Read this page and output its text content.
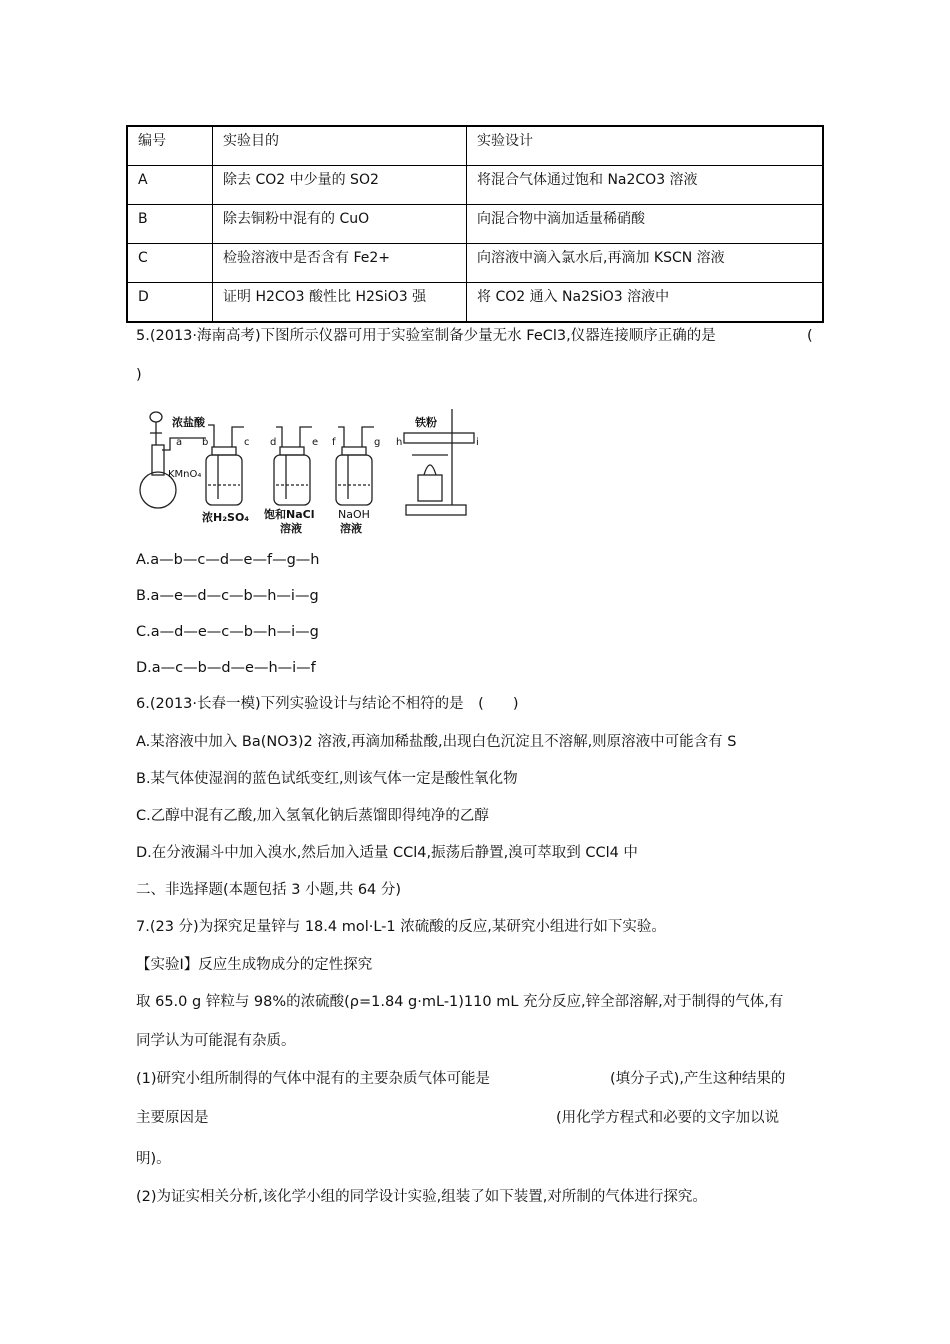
编号	实验目的	实验设计
A	除去 CO2 中少量的 SO2	将混合气体通过饱和 Na2CO3 溶液
B	除去铜粉中混有的 CuO	向混合物中滴加适量稀硝酸
C	检验溶液中是否含有 Fe2+	向溶液中滴入氯水后,再滴加 KSCN 溶液
D	证明 H2CO3 酸性比 H2SiO3 强	将 CO2 通入 Na2SiO3 溶液中
5.(2013·海南高考)下图所示仪器可用于实验室制备少量无水 FeCl3,仪器连接顺序正确的是	(
)
浓盐酸
KMnO₄
铁粉
浓H₂SO₄ 饱和NaCl
溶液
NaOH
溶液
a b	c d	e f	g h	i
A.a—b—c—d—e—f—g—h
B.a—e—d—c—b—h—i—g
C.a—d—e—c—b—h—i—g
D.a—c—b—d—e—h—i—f
6.(2013·长春一模)下列实验设计与结论不相符的是　(　　)
A.某溶液中加入 Ba(NO3)2 溶液,再滴加稀盐酸,出现白色沉淀且不溶解,则原溶液中可能含有 S
B.某气体使湿润的蓝色试纸变红,则该气体一定是酸性氧化物
C.乙醇中混有乙酸,加入氢氧化钠后蒸馏即得纯净的乙醇
D.在分液漏斗中加入溴水,然后加入适量 CCl4,振荡后静置,溴可萃取到 CCl4 中
二、非选择题(本题包括 3 小题,共 64 分)
7.(23 分)为探究足量锌与 18.4 mol·L-1 浓硫酸的反应,某研究小组进行如下实验。
【实验Ⅰ】反应生成物成分的定性探究
取 65.0 g 锌粒与 98%的浓硫酸(ρ=1.84 g·mL-1)110 mL 充分反应,锌全部溶解,对于制得的气体,有
同学认为可能混有杂质。
(1)研究小组所制得的气体中混有的主要杂质气体可能是	(填分子式),产生这种结果的
主要原因是	(用化学方程式和必要的文字加以说
明)。
(2)为证实相关分析,该化学小组的同学设计实验,组装了如下装置,对所制的气体进行探究。
